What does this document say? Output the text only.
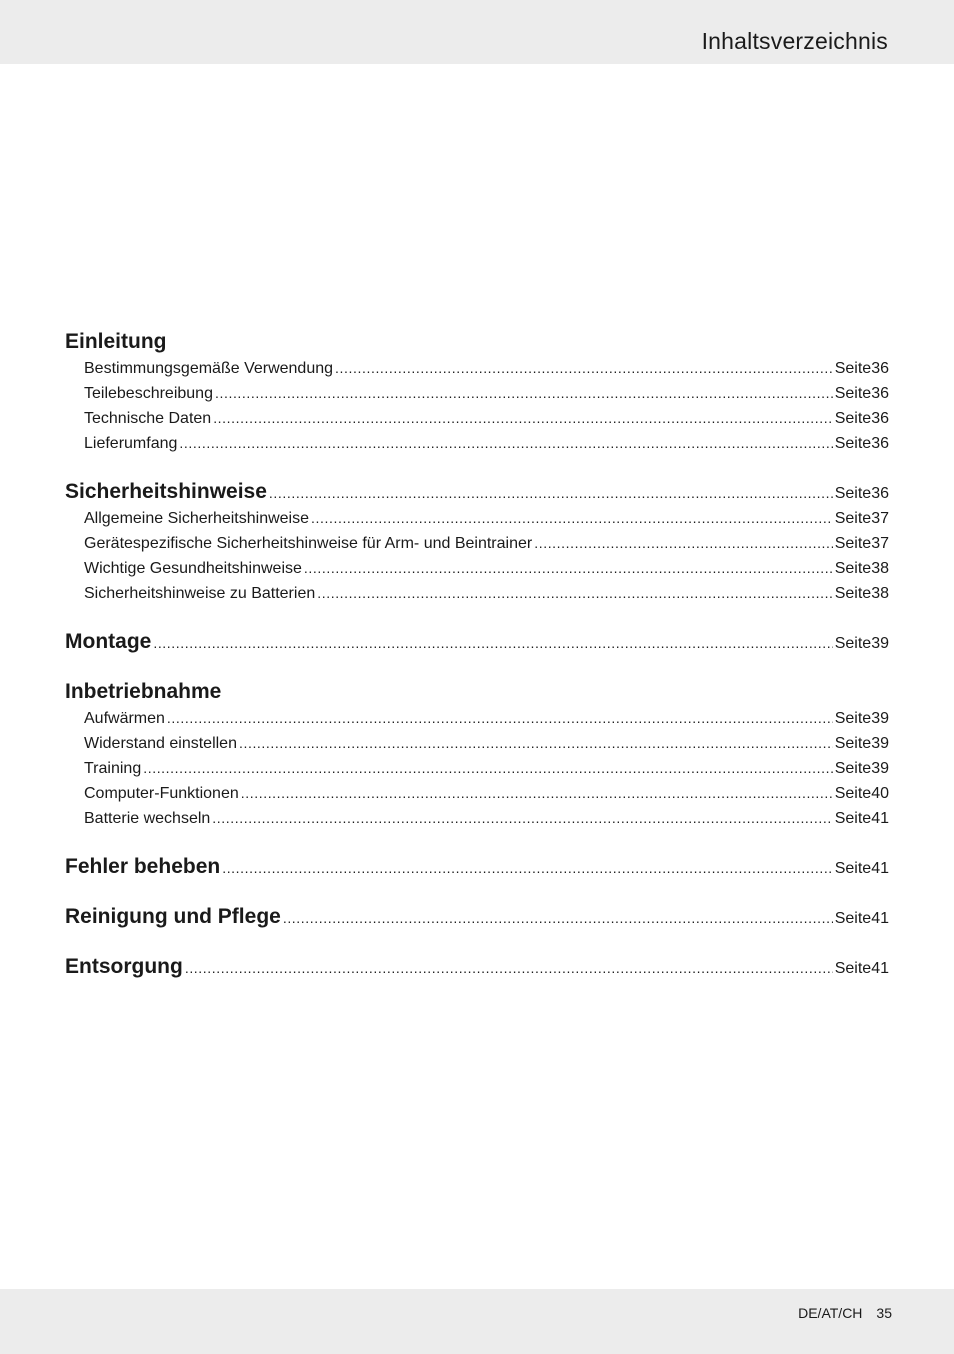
Inhaltsverzeichnis
Einleitung
Bestimmungsgemäße Verwendung .....	Seite 36
Teilebeschreibung .....	Seite 36
Technische Daten .....	Seite 36
Lieferumfang .....	Seite 36
Sicherheitshinweise .....	Seite 36
Allgemeine Sicherheitshinweise .....	Seite 37
Gerätespezifische Sicherheitshinweise für Arm- und Beintrainer .....	Seite 37
Wichtige Gesundheitshinweise .....	Seite 38
Sicherheitshinweise zu Batterien .....	Seite 38
Montage .....	Seite 39
Inbetriebnahme
Aufwärmen .....	Seite 39
Widerstand einstellen .....	Seite 39
Training .....	Seite 39
Computer-Funktionen .....	Seite 40
Batterie wechseln .....	Seite 41
Fehler beheben .....	Seite 41
Reinigung und Pflege .....	Seite 41
Entsorgung .....	Seite 41
DE/AT/CH 35
